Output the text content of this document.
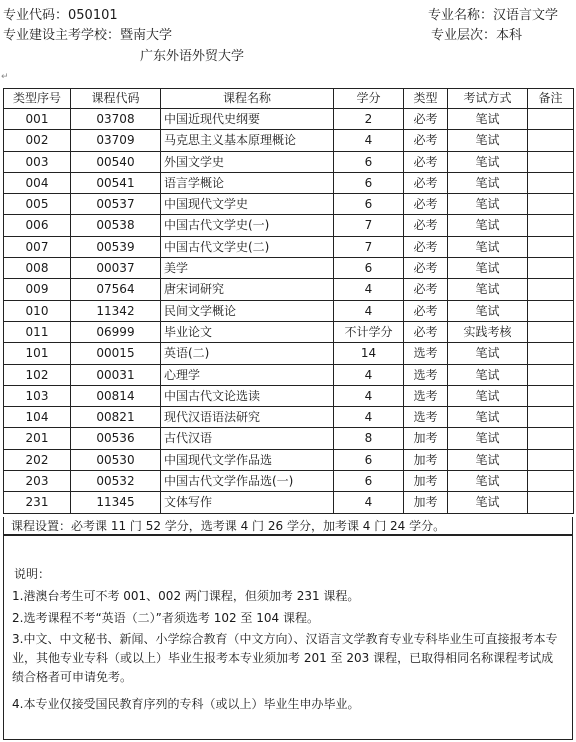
专业代码：050101	专业名称：汉语言文学
专业建设主考学校：暨南大学	专业层次：本科
广东外语外贸大学
↵
类型序号	课程代码	课程名称	学分	类型	考试方式	备注
001	03708	中国近现代史纲要	2	必考	笔试	
002	03709	马克思主义基本原理概论	4	必考	笔试	
003	00540	外国文学史	6	必考	笔试	
004	00541	语言学概论	6	必考	笔试	
005	00537	中国现代文学史	6	必考	笔试	
006	00538	中国古代文学史(一)	7	必考	笔试	
007	00539	中国古代文学史(二)	7	必考	笔试	
008	00037	美学	6	必考	笔试	
009	07564	唐宋词研究	4	必考	笔试	
010	11342	民间文学概论	4	必考	笔试	
011	06999	毕业论文	不计学分	必考	实践考核	
101	00015	英语(二)	14	选考	笔试	
102	00031	心理学	4	选考	笔试	
103	00814	中国古代文论选读	4	选考	笔试	
104	00821	现代汉语语法研究	4	选考	笔试	
201	00536	古代汉语	8	加考	笔试	
202	00530	中国现代文学作品选	6	加考	笔试	
203	00532	中国古代文学作品选(一)	6	加考	笔试	
231	11345	文体写作	4	加考	笔试	
课程设置：必考课 11 门 52 学分，选考课 4 门 26 学分，加考课 4 门 24 学分。
说明：
1.港澳台考生可不考 001、002 两门课程，但须加考 231 课程。
2.选考课程不考“英语（二）”者须选考 102 至 104 课程。
3.中文、中文秘书、新闻、小学综合教育（中文方向）、汉语言文学教育专业专科毕业生可直接报考本专业，其他专业专科（或以上）毕业生报考本专业须加考 201 至 203 课程，已取得相同名称课程考试成绩合格者可申请免考。
4.本专业仅接受国民教育序列的专科（或以上）毕业生申办毕业。
